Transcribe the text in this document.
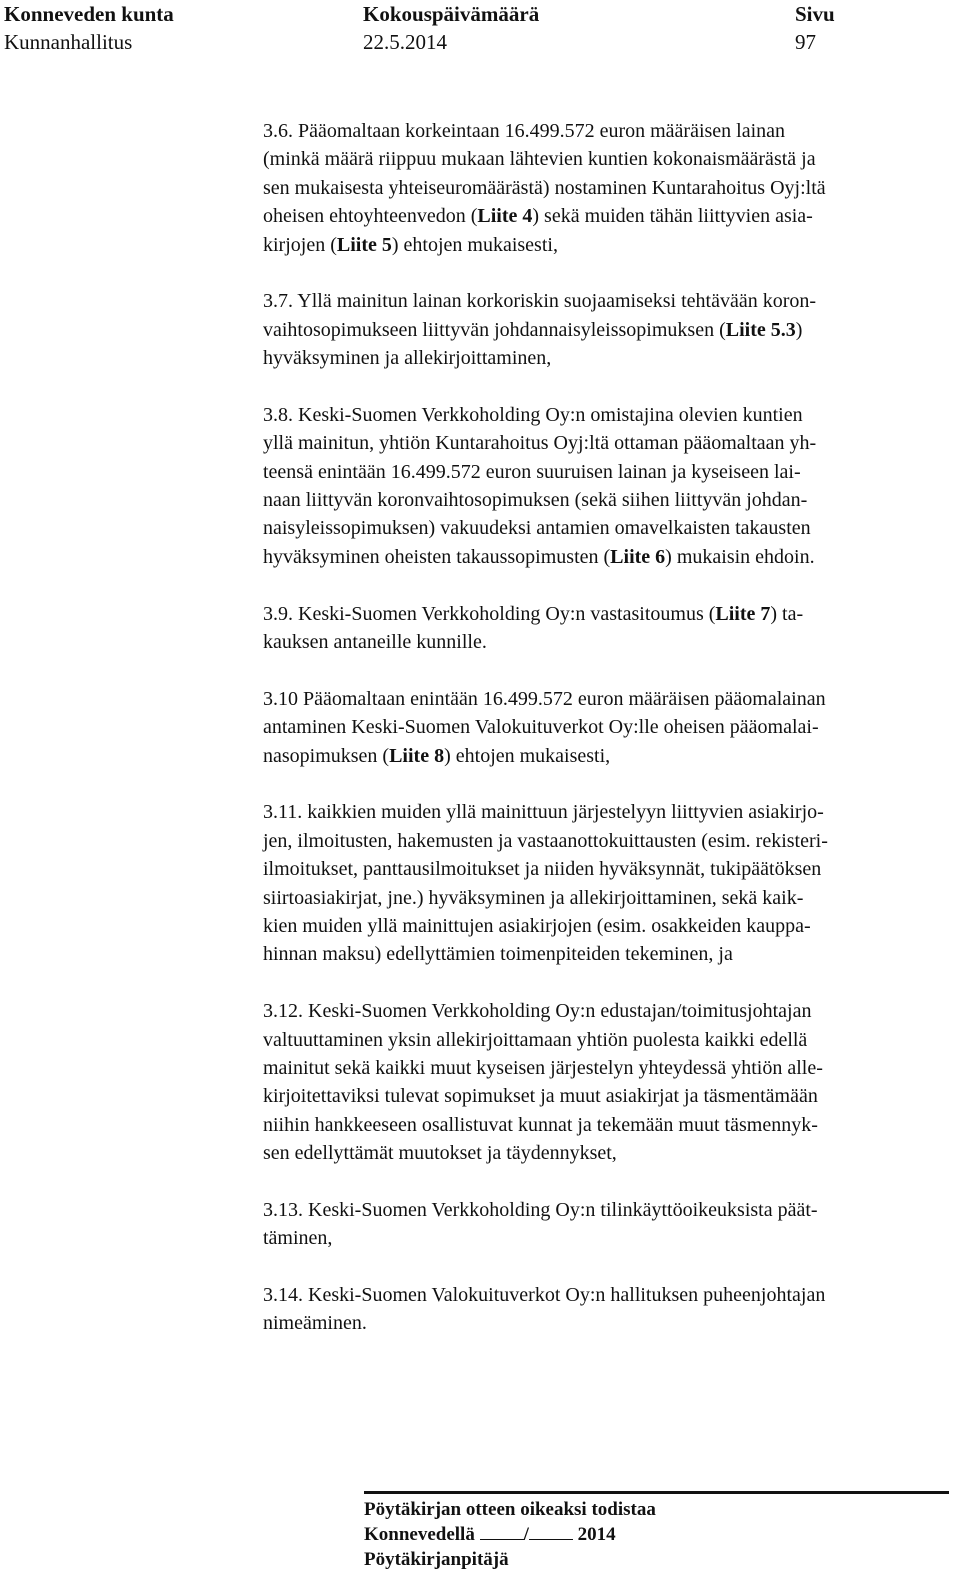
Konneveden kunta
Kunnanhallitus
Kokouspäivämäärä
22.5.2014
Sivu
97
3.6. Pääomaltaan korkeintaan 16.499.572 euron määräisen lainan
(minkä määrä riippuu mukaan lähtevien kuntien kokonaismäärästä ja
sen mukaisesta yhteiseuromäärästä) nostaminen Kuntarahoitus Oyj:ltä
oheisen ehtoyhteenvedon (Liite 4) sekä muiden tähän liittyvien asia-
kirjojen (Liite 5) ehtojen mukaisesti,
3.7. Yllä mainitun lainan korkoriskin suojaamiseksi tehtävään koron-
vaihtosopimukseen liittyvän johdannaisyleissopimuksen (Liite 5.3)
hyväksyminen ja allekirjoittaminen,
3.8. Keski-Suomen Verkkoholding Oy:n omistajina olevien kuntien
yllä mainitun, yhtiön Kuntarahoitus Oyj:ltä ottaman pääomaltaan yh-
teensä enintään 16.499.572 euron suuruisen lainan ja kyseiseen lai-
naan liittyvän koronvaihtosopimuksen (sekä siihen liittyvän johdan-
naisyleissopimuksen) vakuudeksi antamien omavelkaisten takausten
hyväksyminen oheisten takaussopimusten (Liite 6) mukaisin ehdoin.
3.9. Keski-Suomen Verkkoholding Oy:n vastasitoumus (Liite 7) ta-
kauksen antaneille kunnille.
3.10 Pääomaltaan enintään 16.499.572 euron määräisen pääomalainan
antaminen Keski-Suomen Valokuituverkot Oy:lle oheisen pääomalai-
nasopimuksen (Liite 8) ehtojen mukaisesti,
3.11. kaikkien muiden yllä mainittuun järjestelyyn liittyvien asiakirjo-
jen, ilmoitusten, hakemusten ja vastaanottokuittausten (esim. rekisteri-
ilmoitukset, panttausilmoitukset ja niiden hyväksynnät, tukipäätöksen
siirtoasiakirjat, jne.) hyväksyminen ja allekirjoittaminen, sekä kaik-
kien muiden yllä mainittujen asiakirjojen (esim. osakkeiden kauppa-
hinnan maksu) edellyttämien toimenpiteiden tekeminen, ja
3.12. Keski-Suomen Verkkoholding Oy:n edustajan/toimitusjohtajan
valtuuttaminen yksin allekirjoittamaan yhtiön puolesta kaikki edellä
mainitut sekä kaikki muut kyseisen järjestelyn yhteydessä yhtiön alle-
kirjoitettaviksi tulevat sopimukset ja muut asiakirjat ja täsmentämään
niihin hankkeeseen osallistuvat kunnat ja tekemään muut täsmennyk-
sen edellyttämät muutokset ja täydennykset,
3.13. Keski-Suomen Verkkoholding Oy:n tilinkäyttöoikeuksista päät-
täminen,
3.14. Keski-Suomen Valokuituverkot Oy:n hallituksen puheenjohtajan
nimeäminen.
Pöytäkirjan otteen oikeaksi todistaa
Konnevedellä	/	2014
Pöytäkirjanpitäjä
